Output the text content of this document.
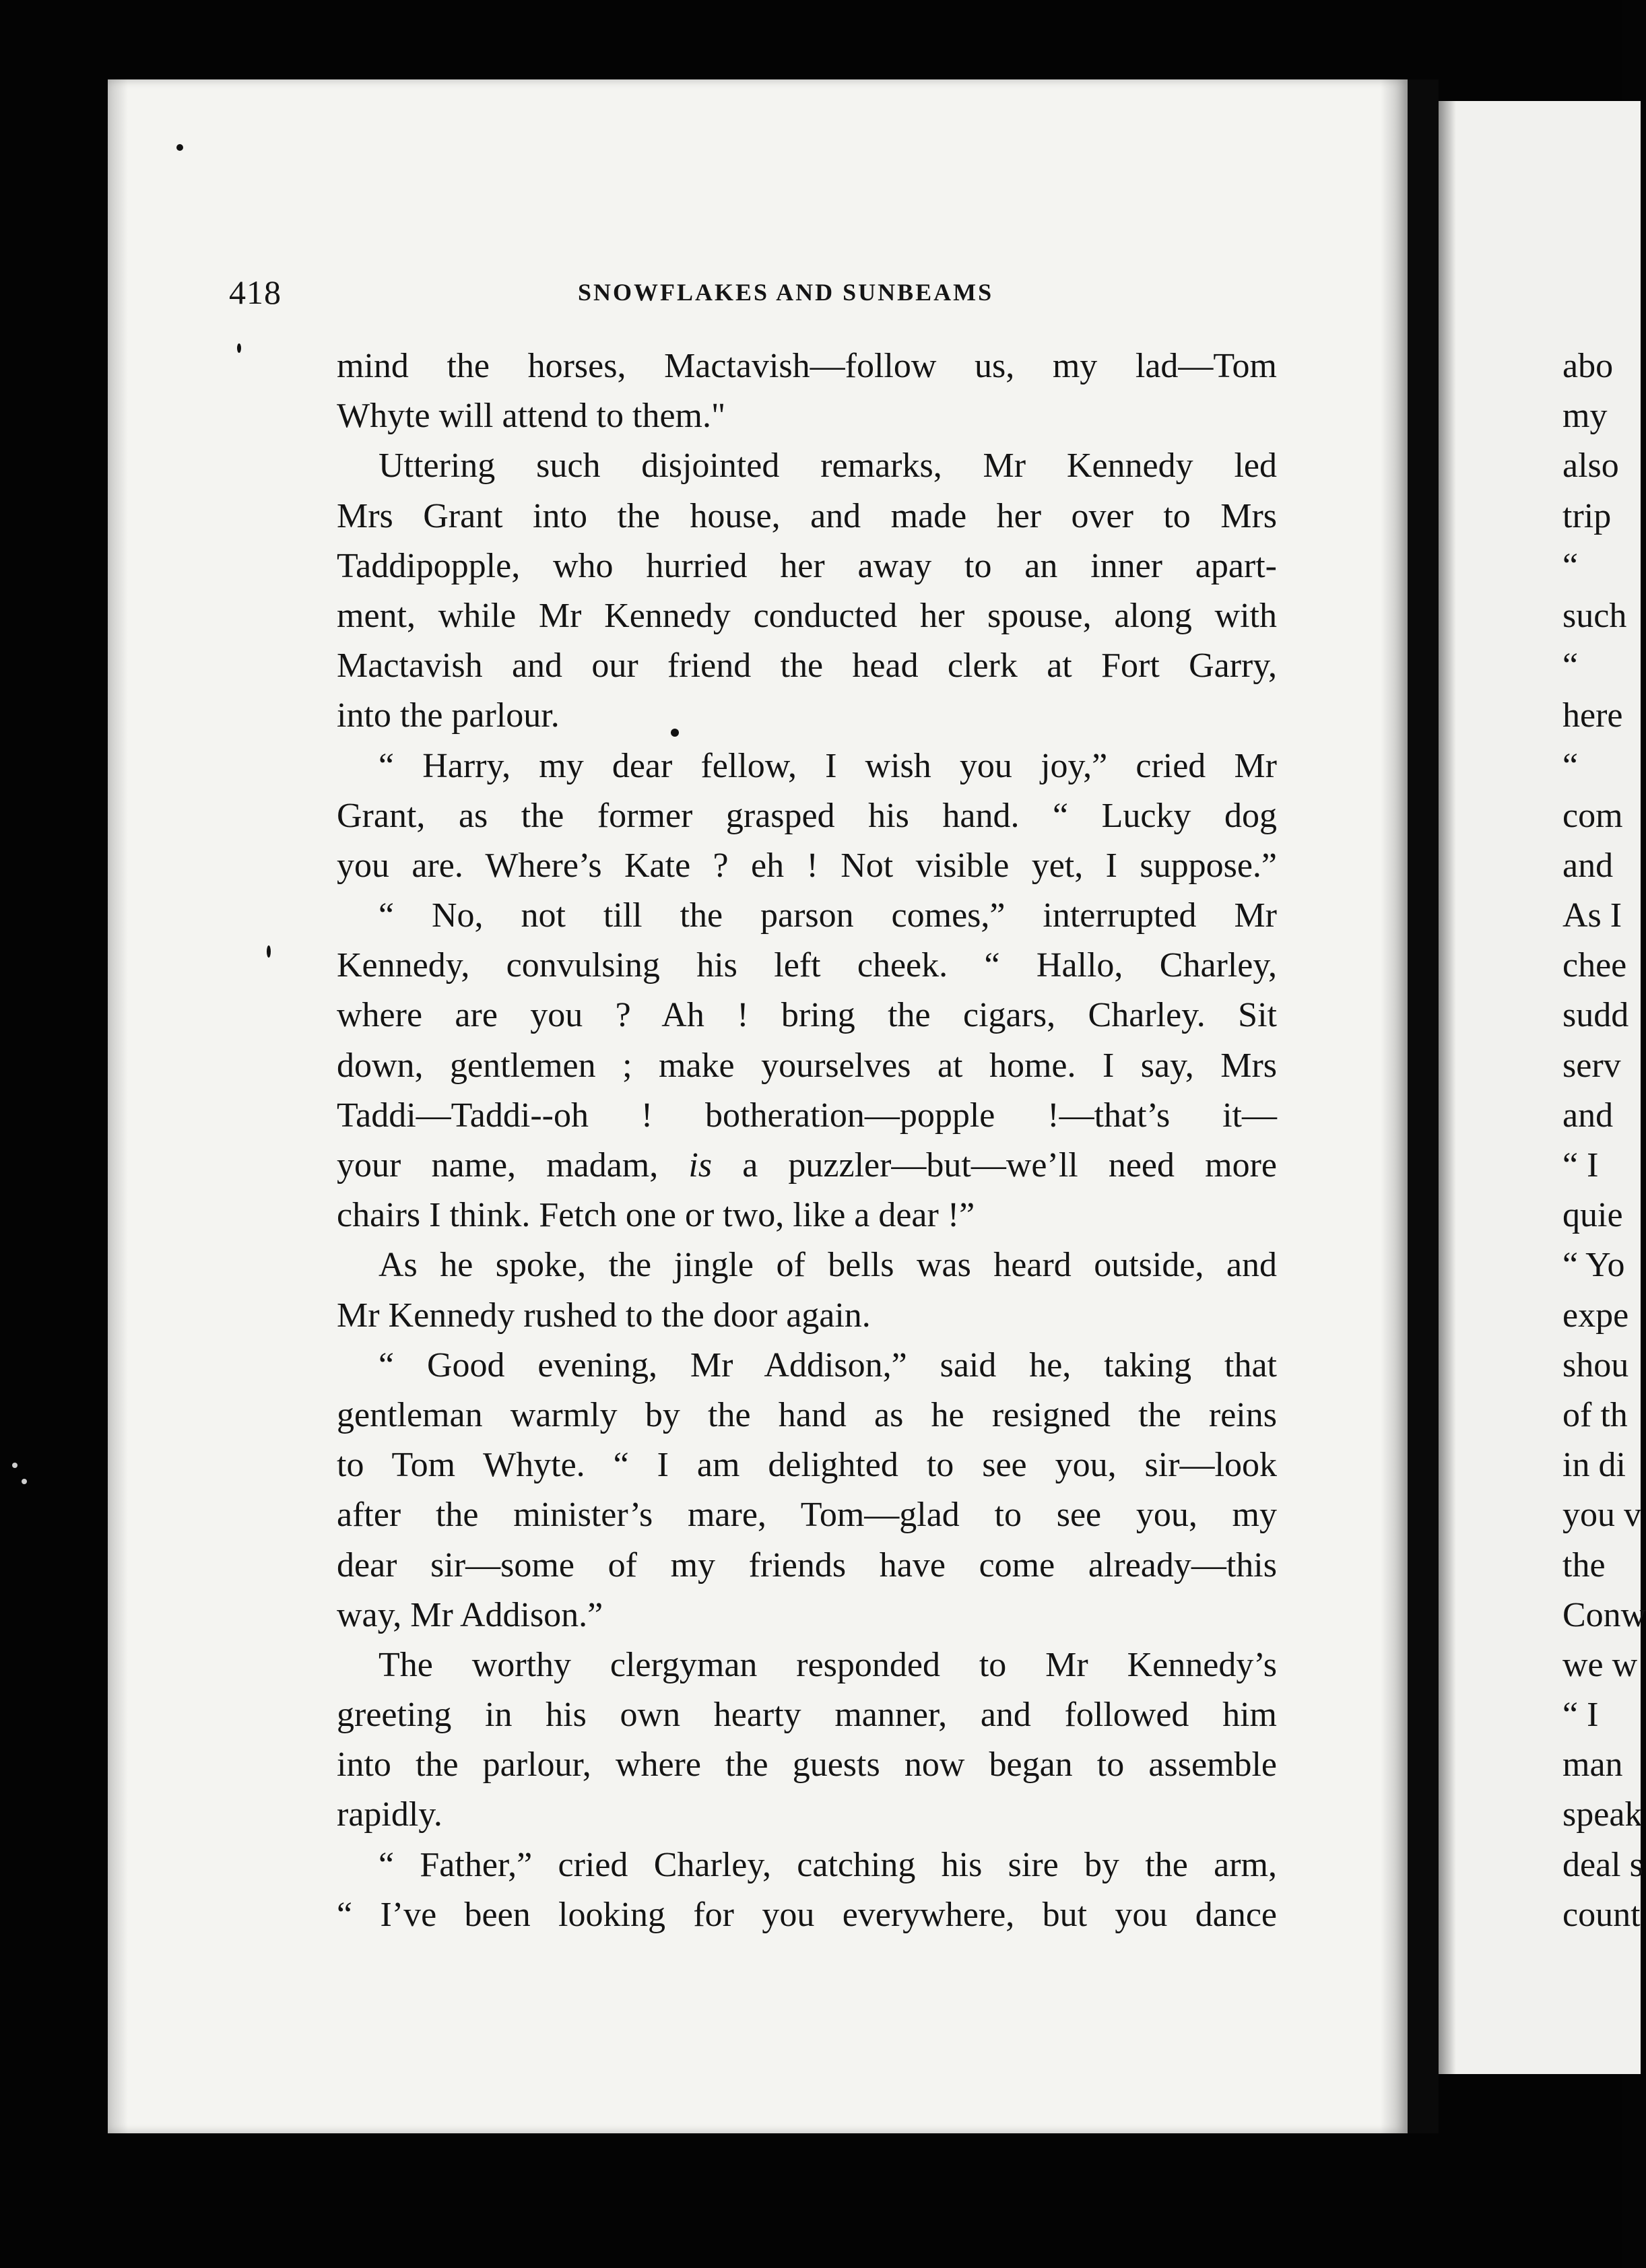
418	SNOWFLAKES AND SUNBEAMS
mind the horses, Mactavish—follow us, my lad—Tom
Whyte will attend to them."
Uttering such disjointed remarks, Mr Kennedy led
Mrs Grant into the house, and made her over to Mrs
Taddipopple, who hurried her away to an inner apart-
ment, while Mr Kennedy conducted her spouse, along with
Mactavish and our friend the head clerk at Fort Garry,
into the parlour.
“ Harry, my dear fellow, I wish you joy,” cried Mr
Grant, as the former grasped his hand. “ Lucky dog
you are. Where’s Kate ? eh ! Not visible yet, I suppose.”
“ No, not till the parson comes,” interrupted Mr
Kennedy, convulsing his left cheek. “ Hallo, Charley,
where are you ? Ah ! bring the cigars, Charley. Sit
down, gentlemen ; make yourselves at home. I say, Mrs
Taddi—Taddi--oh ! botheration—popple !—that’s it—
your name, madam, is a puzzler—but—we’ll need more
chairs I think. Fetch one or two, like a dear !”
As he spoke, the jingle of bells was heard outside, and
Mr Kennedy rushed to the door again.
“ Good evening, Mr Addison,” said he, taking that
gentleman warmly by the hand as he resigned the reins
to Tom Whyte. “ I am delighted to see you, sir—look
after the minister’s mare, Tom—glad to see you, my
dear sir—some of my friends have come already—this
way, Mr Addison.”
The worthy clergyman responded to Mr Kennedy’s
greeting in his own hearty manner, and followed him
into the parlour, where the guests now began to assemble
rapidly.
“ Father,” cried Charley, catching his sire by the arm,
“ I’ve been looking for you everywhere, but you dance
abo
my
also
trip
“
such
“
here
“
com
and
As I
chee
sudd
serv
and
“ I
quie
“ Yo
expe
shou
of th
in di
you v
the
Conw
we w
“ I
man
speak
deal s
count
